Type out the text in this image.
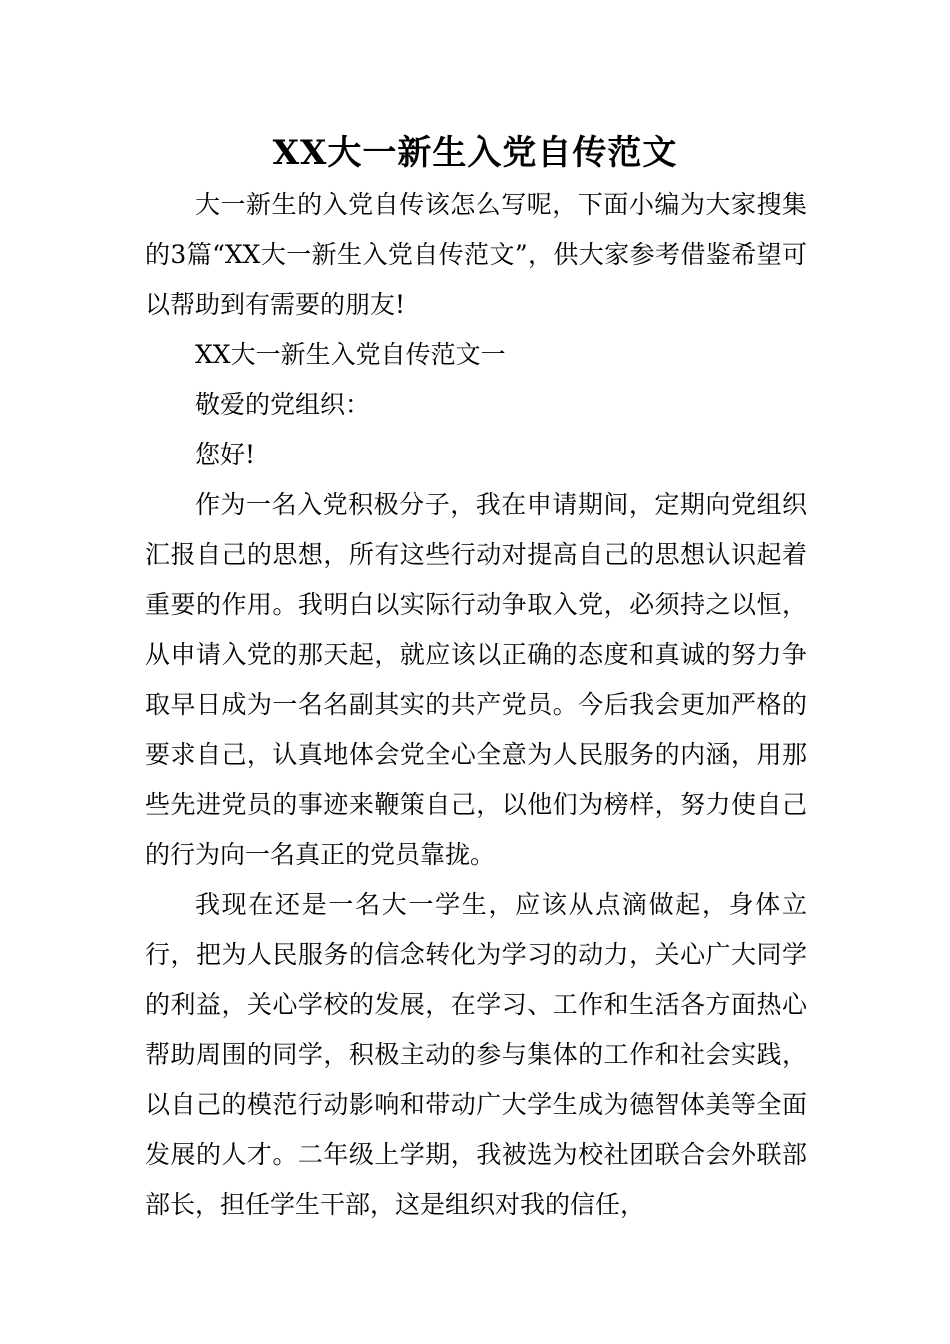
XX大一新生入党自传范文

大一新生的入党自传该怎么写呢，下面小编为大家搜集的3篇“XX大一新生入党自传范文”，供大家参考借鉴希望可以帮助到有需要的朋友!

XX大一新生入党自传范文一

敬爱的党组织：

您好!

作为一名入党积极分子，我在申请期间，定期向党组织汇报自己的思想，所有这些行动对提高自己的思想认识起着重要的作用。我明白以实际行动争取入党，必须持之以恒，从申请入党的那天起，就应该以正确的态度和真诚的努力争取早日成为一名名副其实的共产党员。今后我会更加严格的要求自己，认真地体会党全心全意为人民服务的内涵，用那些先进党员的事迹来鞭策自己，以他们为榜样，努力使自己的行为向一名真正的党员靠拢。

我现在还是一名大一学生，应该从点滴做起，身体立行，把为人民服务的信念转化为学习的动力，关心广大同学的利益，关心学校的发展，在学习、工作和生活各方面热心帮助周围的同学，积极主动的参与集体的工作和社会实践，以自己的模范行动影响和带动广大学生成为德智体美等全面发展的人才。二年级上学期，我被选为校社团联合会外联部部长，担任学生干部，这是组织对我的信任，
